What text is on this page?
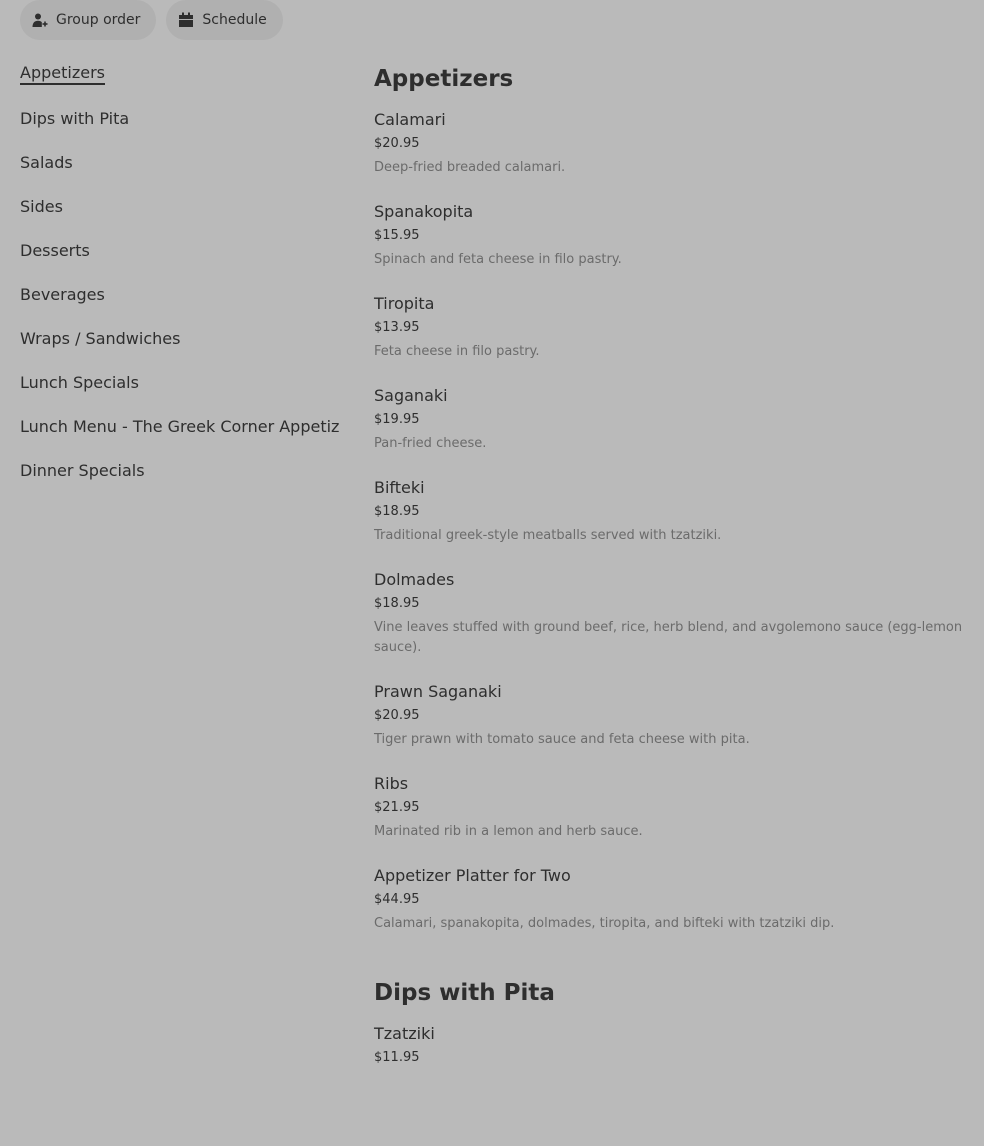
Group order	Schedule
Appetizers
Dips with Pita
Salads
Sides
Desserts
Beverages
Wraps / Sandwiches
Lunch Specials
Lunch Menu - The Greek Corner Appetiz
Dinner Specials
Appetizers
Calamari
$20.95
Deep-fried breaded calamari.
Spanakopita
$15.95
Spinach and feta cheese in filo pastry.
Tiropita
$13.95
Feta cheese in filo pastry.
Saganaki
$19.95
Pan-fried cheese.
Bifteki
$18.95
Traditional greek-style meatballs served with tzatziki.
Dolmades
$18.95
Vine leaves stuffed with ground beef, rice, herb blend, and avgolemono sauce (egg-lemon sauce).
Prawn Saganaki
$20.95
Tiger prawn with tomato sauce and feta cheese with pita.
Ribs
$21.95
Marinated rib in a lemon and herb sauce.
Appetizer Platter for Two
$44.95
Calamari, spanakopita, dolmades, tiropita, and bifteki with tzatziki dip.
Dips with Pita
Tzatziki
$11.95
